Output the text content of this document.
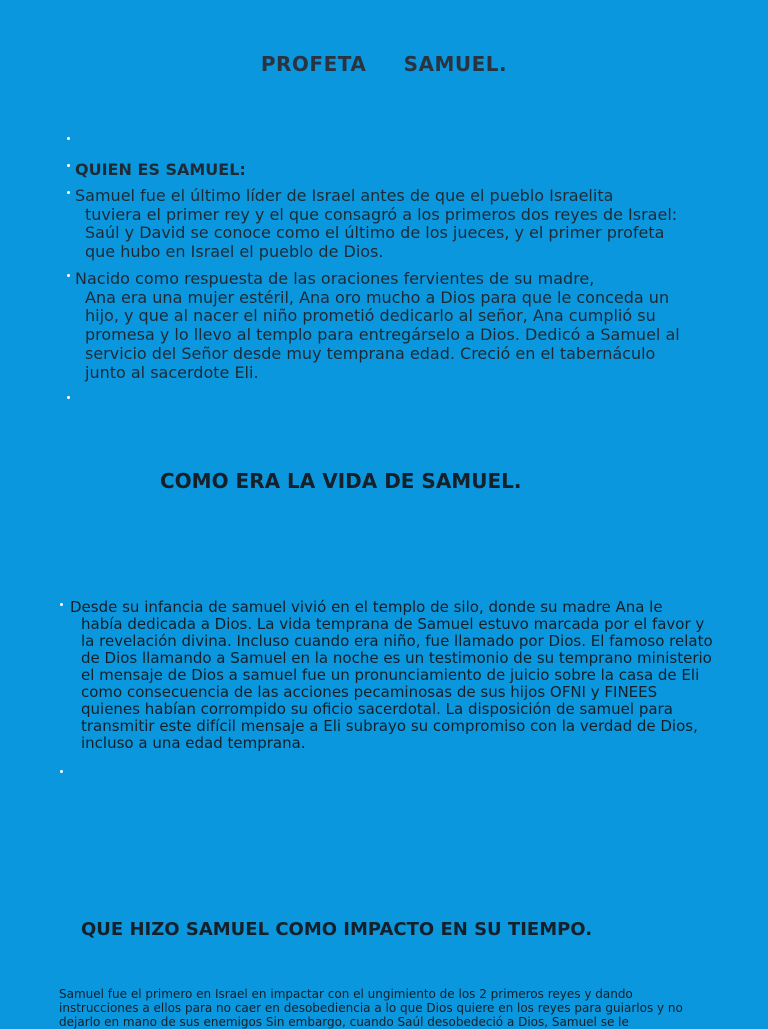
PROFETA     SAMUEL.
QUIEN ES SAMUEL:
Samuel fue el último líder de Israel antes de que el pueblo Israelita
tuviera el primer rey y el que consagró a los primeros dos reyes de Israel: Saúl y David se conoce como el último de los jueces, y el primer profeta que hubo en Israel el pueblo de Dios.
Nacido como respuesta de las oraciones fervientes de su madre,
Ana era una mujer estéril, Ana oro mucho a Dios para que le conceda un hijo, y que al nacer el niño prometió dedicarlo al señor, Ana cumplió su promesa y lo llevo al templo para entregárselo a Dios. Dedicó a Samuel al servicio del Señor desde muy temprana edad. Creció en el tabernáculo junto al sacerdote Eli.
COMO ERA LA VIDA DE SAMUEL.
Desde su infancia de samuel vivió en el templo de silo, donde su madre Ana le
había dedicada a Dios. La vida temprana de Samuel estuvo marcada por el favor y la revelación divina. Incluso cuando era niño, fue llamado por Dios. El famoso relato de Dios llamando a Samuel en la noche es un testimonio de su temprano ministerio el mensaje de Dios a samuel fue un pronunciamiento de juicio sobre la casa de Eli como consecuencia de las acciones pecaminosas de sus hijos OFNI y FINEES quienes habían corrompido su oficio sacerdotal. La disposición de samuel para transmitir este difícil mensaje a Eli subrayo su compromiso con la verdad de Dios, incluso a una edad temprana.
QUE HIZO SAMUEL COMO IMPACTO EN SU TIEMPO.
Samuel fue el primero en Israel en impactar con el ungimiento de los 2 primeros reyes y dando instrucciones a ellos para no caer en desobediencia a lo que Dios quiere en los reyes para guiarlos y no dejarlo en mano de sus enemigos Sin embargo, cuando Saúl desobedeció a Dios, Samuel se le
